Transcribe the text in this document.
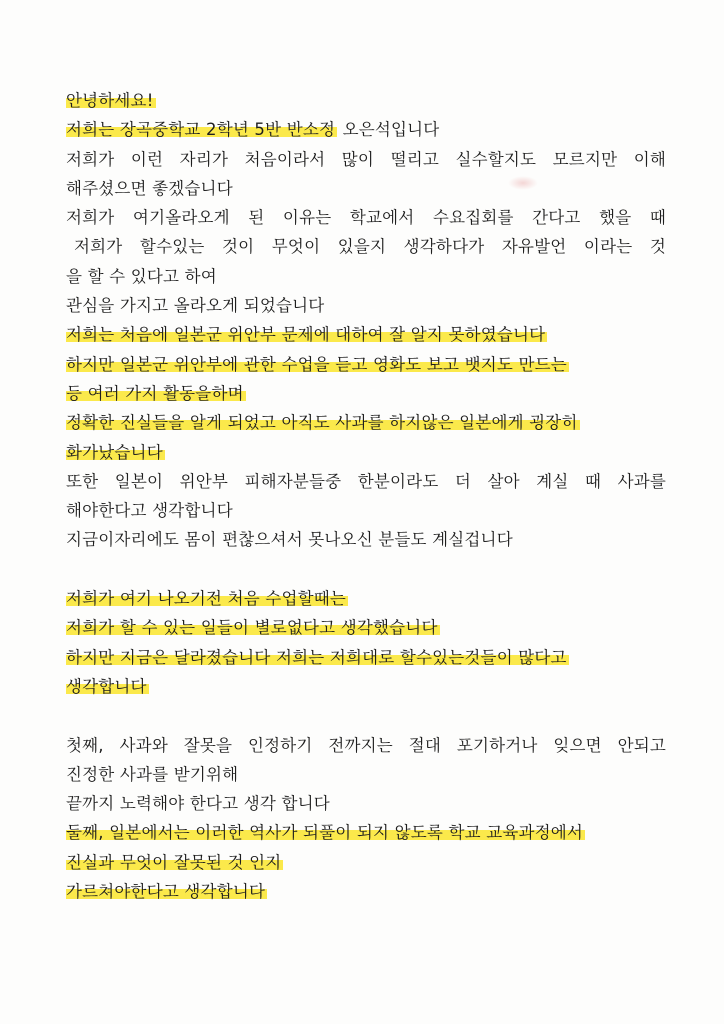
안녕하세요!
저희는 장곡중학교 2학년 5반 반소정 오은석입니다
저희가 이런 자리가 처음이라서 많이 떨리고 실수할지도 모르지만 이해
해주셨으면 좋겠습니다
저희가 여기올라오게 된 이유는 학교에서 수요집회를 간다고 했을 때
저희가 할수있는 것이 무엇이 있을지 생각하다가 자유발언 이라는 것
을 할 수 있다고 하여
관심을 가지고 올라오게 되었습니다
저희는 처음에 일본군 위안부 문제에 대하여 잘 알지 못하였습니다
하지만 일본군 위안부에 관한 수업을 듣고 영화도 보고 뱃지도 만드는
등 여러 가지 활동을하며
정확한 진실들을 알게 되었고 아직도 사과를 하지않은 일본에게 굉장히
화가났습니다
또한 일본이 위안부 피해자분들중 한분이라도 더 살아 계실 때 사과를
해야한다고 생각합니다
지금이자리에도 몸이 편찮으셔서 못나오신 분들도 계실겁니다
저희가 여기 나오기전 처음 수업할때는
저희가 할 수 있는 일들이 별로없다고 생각했습니다
하지만 지금은 달라졌습니다 저희는 저희대로 할수있는것들이 많다고
생각합니다
첫째, 사과와 잘못을 인정하기 전까지는 절대 포기하거나 잊으면 안되고
진정한 사과를 받기위해
끝까지 노력해야 한다고 생각 합니다
둘째, 일본에서는 이러한 역사가 되풀이 되지 않도록 학교 교육과정에서
진실과 무엇이 잘못된 것 인지
가르쳐야한다고 생각합니다
